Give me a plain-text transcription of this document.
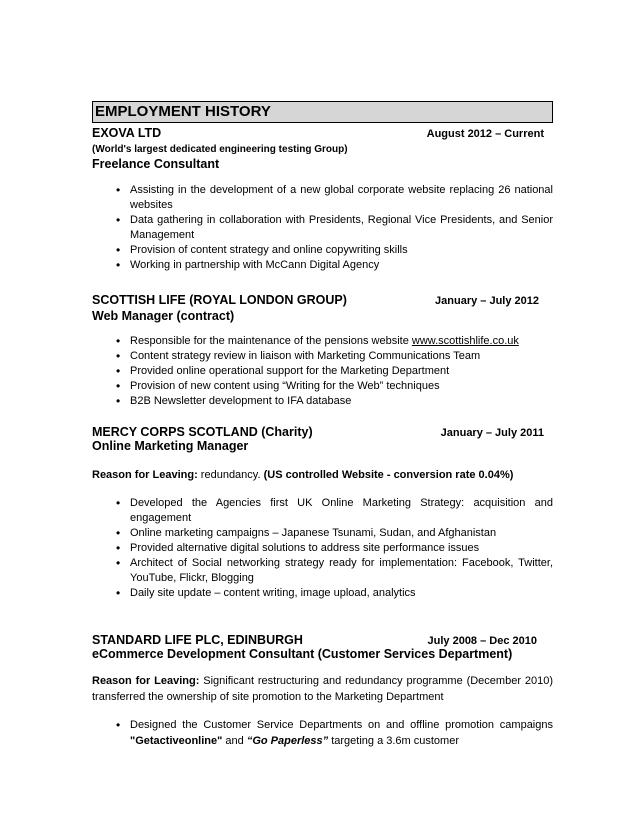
EMPLOYMENT HISTORY
EXOVA LTD	August 2012 – Current
(World's largest dedicated engineering testing Group)
Freelance Consultant
• Assisting in the development of a new global corporate website replacing 26 national websites
• Data gathering in collaboration with Presidents, Regional Vice Presidents, and Senior Management
• Provision of content strategy and online copywriting skills
• Working in partnership with McCann Digital Agency
SCOTTISH LIFE (ROYAL LONDON GROUP)	January – July 2012
Web Manager (contract)
• Responsible for the maintenance of the pensions website www.scottishlife.co.uk
• Content strategy review in liaison with Marketing Communications Team
• Provided online operational support for the Marketing Department
• Provision of new content using “Writing for the Web” techniques
• B2B Newsletter development to IFA database
MERCY CORPS SCOTLAND (Charity)	January – July 2011
Online Marketing Manager
Reason for Leaving: redundancy. (US controlled Website - conversion rate 0.04%)
• Developed the Agencies first UK Online Marketing Strategy: acquisition and engagement
• Online marketing campaigns – Japanese Tsunami, Sudan, and Afghanistan
• Provided alternative digital solutions to address site performance issues
• Architect of Social networking strategy ready for implementation: Facebook, Twitter, YouTube, Flickr, Blogging
• Daily site update – content writing, image upload, analytics
STANDARD LIFE PLC, EDINBURGH	July 2008 – Dec 2010
eCommerce Development Consultant (Customer Services Department)
Reason for Leaving: Significant restructuring and redundancy programme (December 2010) transferred the ownership of site promotion to the Marketing Department
• Designed the Customer Service Departments on and offline promotion campaigns "Getactiveonline" and “Go Paperless” targeting a 3.6m customer
